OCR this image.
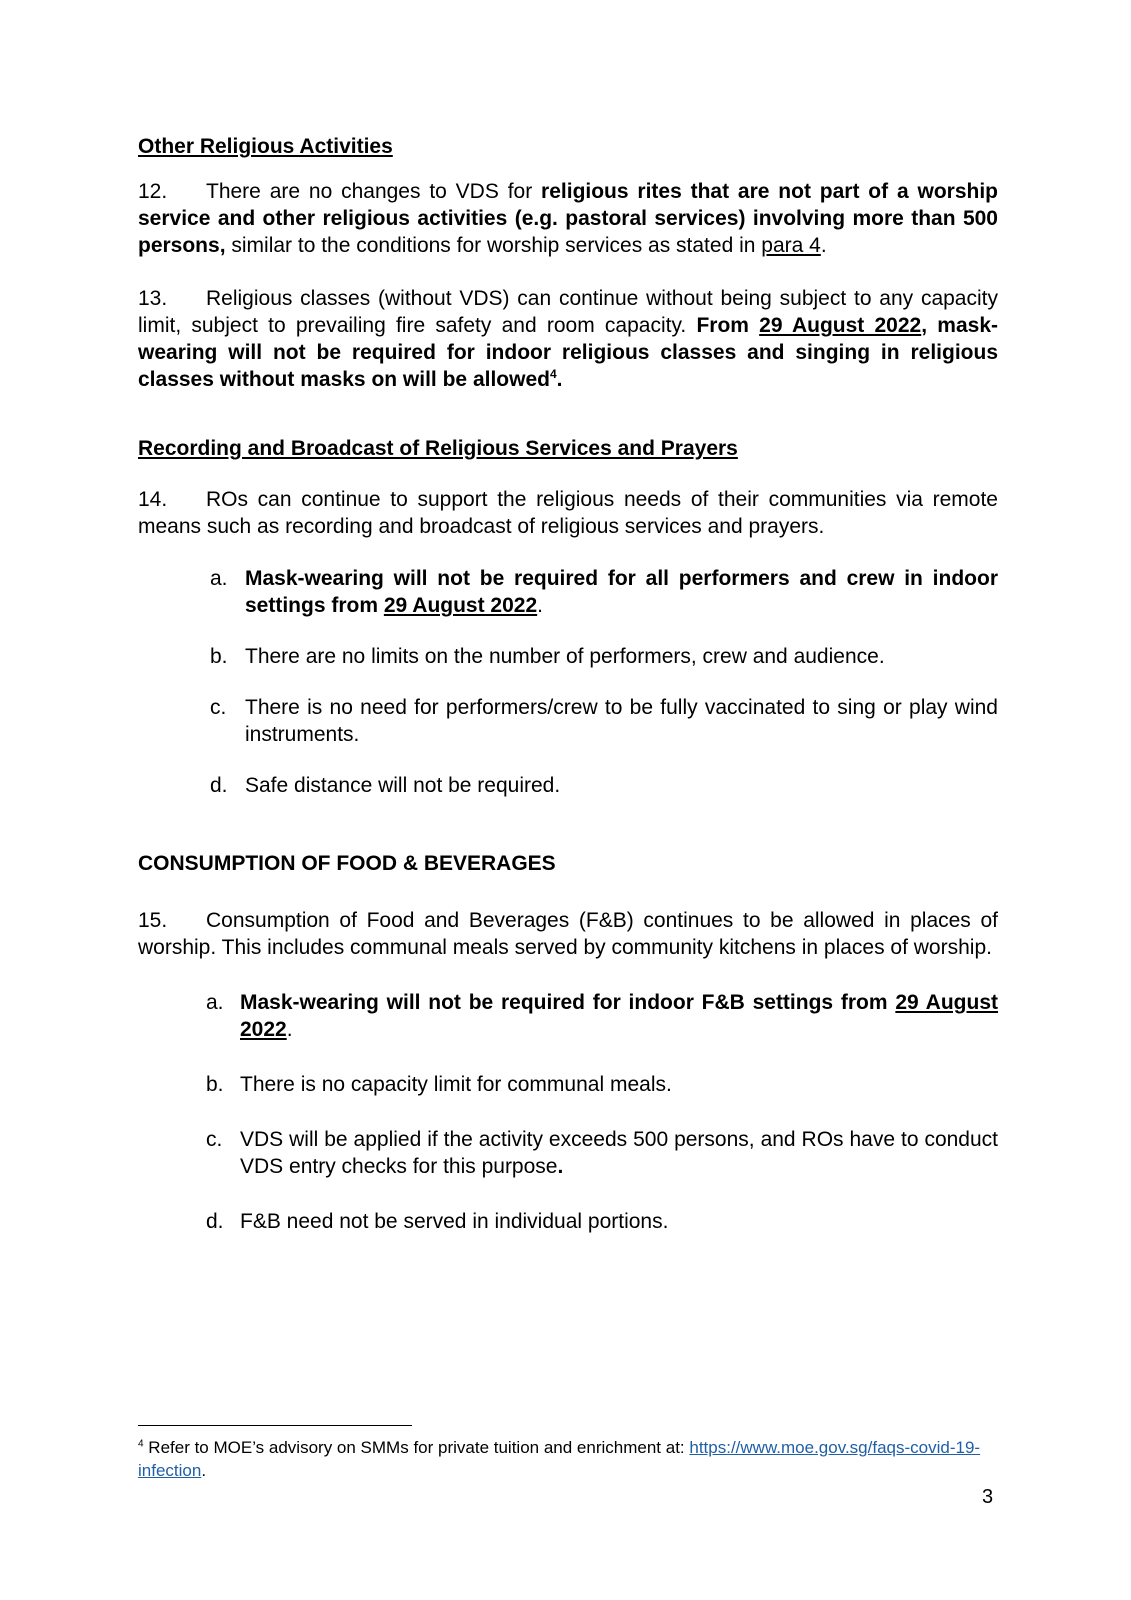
Other Religious Activities

12. There are no changes to VDS for religious rites that are not part of a worship service and other religious activities (e.g. pastoral services) involving more than 500 persons, similar to the conditions for worship services as stated in para 4.

13. Religious classes (without VDS) can continue without being subject to any capacity limit, subject to prevailing fire safety and room capacity. From 29 August 2022, mask-wearing will not be required for indoor religious classes and singing in religious classes without masks on will be allowed$^4$.

Recording and Broadcast of Religious Services and Prayers

14. ROs can continue to support the religious needs of their communities via remote means such as recording and broadcast of religious services and prayers.

a. Mask-wearing will not be required for all performers and crew in indoor settings from 29 August 2022.
b. There are no limits on the number of performers, crew and audience.
c. There is no need for performers/crew to be fully vaccinated to sing or play wind instruments.
d. Safe distance will not be required.
CONSUMPTION OF FOOD & BEVERAGES

15. Consumption of Food and Beverages (F&B) continues to be allowed in places of worship. This includes communal meals served by community kitchens in places of worship.

a. Mask-wearing will not be required for indoor F&B settings from 29 August 2022.
b. There is no capacity limit for communal meals.
c. VDS will be applied if the activity exceeds 500 persons, and ROs have to conduct VDS entry checks for this purpose.
d. F&B need not be served in individual portions.
$^4$ Refer to MOE’s advisory on SMMs for private tuition and enrichment at: https://www.moe.gov.sg/faqs-covid-19-infection.
3
